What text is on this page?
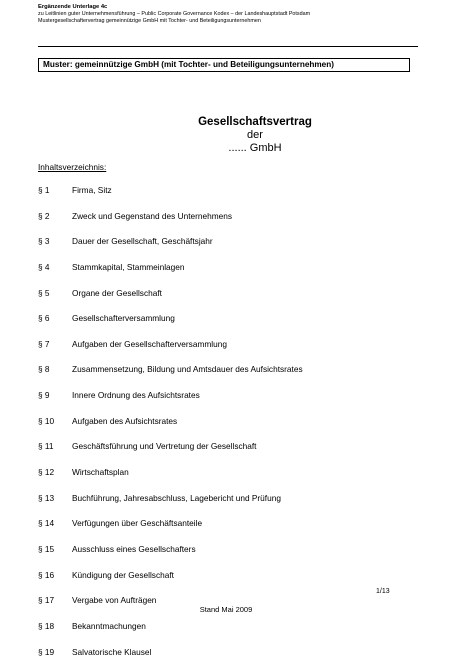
Ergänzende Unterlage 4c
zu Leitlinien guter Unternehmensführung – Public Corporate Governance Kodex – der Landeshauptstadt Potsdam
Mustergesellschaftervertrag gemeinnützige GmbH mit Tochter- und Beteiligungsunternehmen
Muster: gemeinnützige GmbH (mit Tochter- und Beteiligungsunternehmen)
Gesellschaftsvertrag
der
...... GmbH
Inhaltsverzeichnis:
§ 1	Firma, Sitz
§ 2	Zweck und Gegenstand des Unternehmens
§ 3	Dauer der Gesellschaft, Geschäftsjahr
§ 4	Stammkapital, Stammeinlagen
§ 5	Organe der Gesellschaft
§ 6	Gesellschafterversammlung
§ 7	Aufgaben der Gesellschafterversammlung
§ 8	Zusammensetzung, Bildung und Amtsdauer des Aufsichtsrates
§ 9	Innere Ordnung des Aufsichtsrates
§ 10 Aufgaben des Aufsichtsrates
§ 11 Geschäftsführung und Vertretung der Gesellschaft
§ 12 Wirtschaftsplan
§ 13 Buchführung, Jahresabschluss, Lagebericht und Prüfung
§ 14 Verfügungen über Geschäftsanteile
§ 15 Ausschluss eines Gesellschafters
§ 16 Kündigung der Gesellschaft
§ 17 Vergabe von Aufträgen
§ 18 Bekanntmachungen
§ 19 Salvatorische Klausel
1/13
Stand Mai 2009
